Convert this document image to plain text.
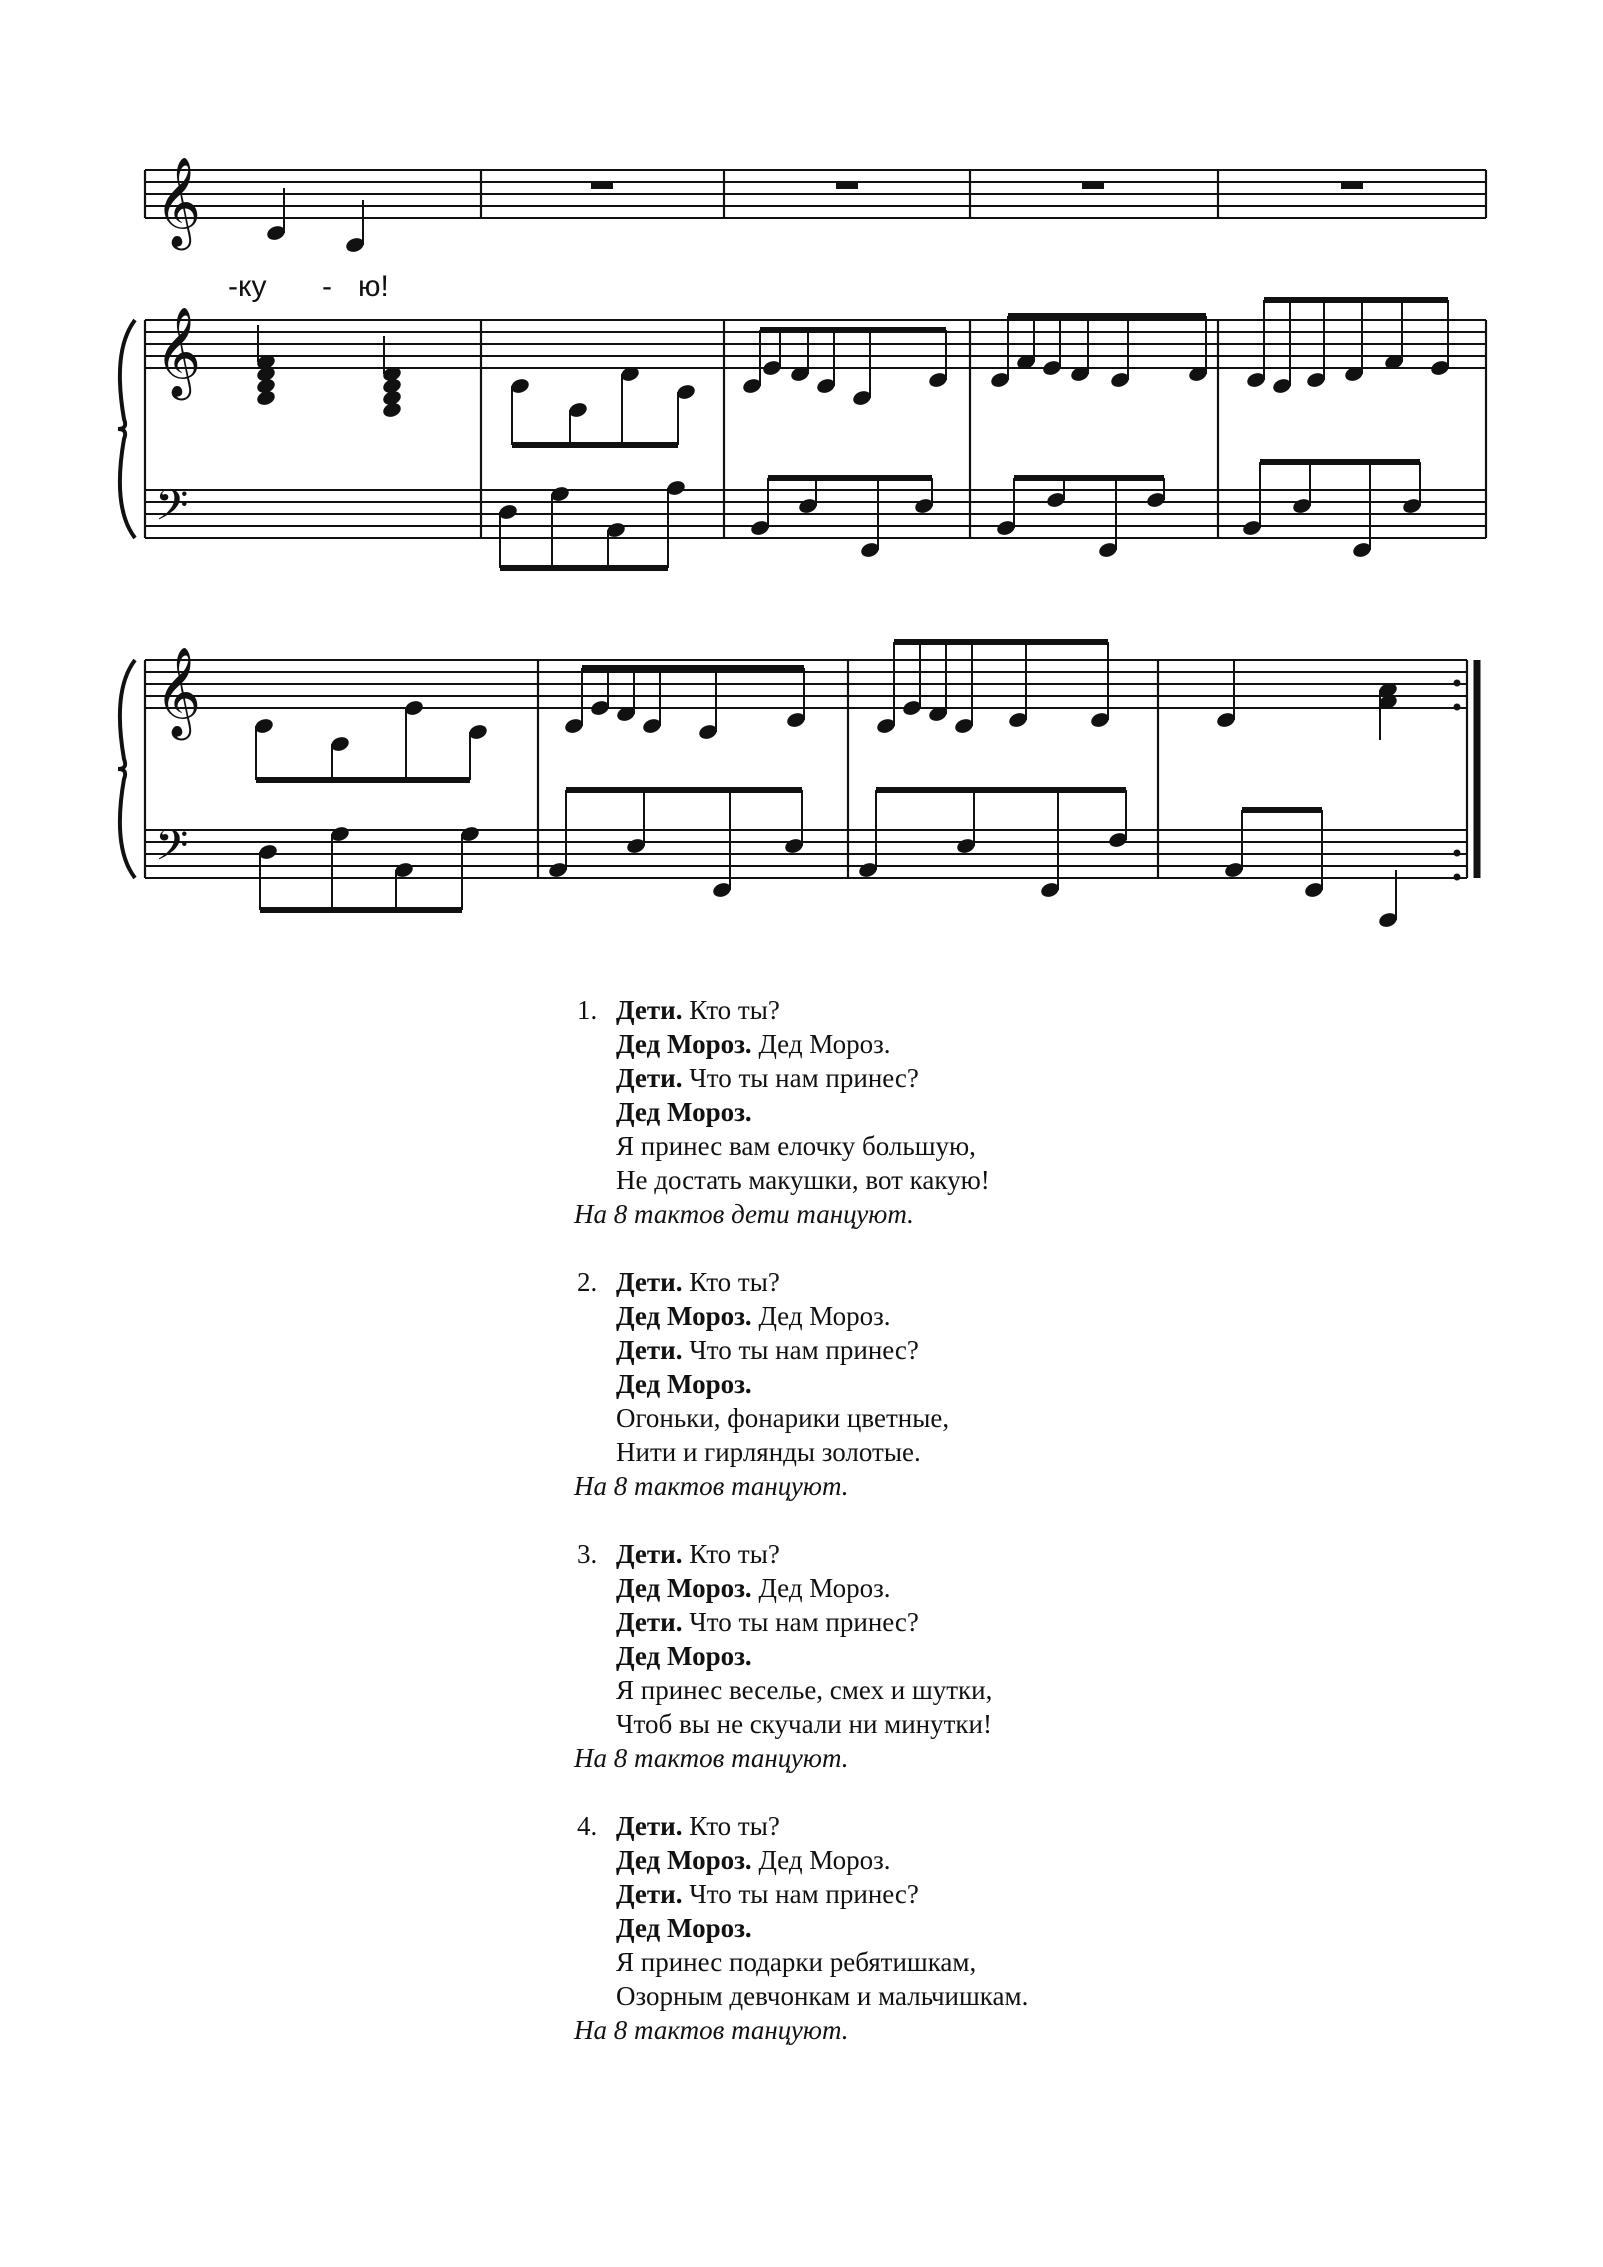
𝄞
𝄞
𝄢
𝄞
𝄢
-ку - ю!
1. Дети. Кто ты?
Дед Мороз. Дед Мороз.
Дети. Что ты нам принес?
Дед Мороз.
Я принес вам елочку большую,
Не достать макушки, вот какую!
На 8 тактов дети танцуют.
2. Дети. Кто ты?
Дед Мороз. Дед Мороз.
Дети. Что ты нам принес?
Дед Мороз.
Огоньки, фонарики цветные,
Нити и гирлянды золотые.
На 8 тактов танцуют.
3. Дети. Кто ты?
Дед Мороз. Дед Мороз.
Дети. Что ты нам принес?
Дед Мороз.
Я принес веселье, смех и шутки,
Чтоб вы не скучали ни минутки!
На 8 тактов танцуют.
4. Дети. Кто ты?
Дед Мороз. Дед Мороз.
Дети. Что ты нам принес?
Дед Мороз.
Я принес подарки ребятишкам,
Озорным девчонкам и мальчишкам.
На 8 тактов танцуют.
